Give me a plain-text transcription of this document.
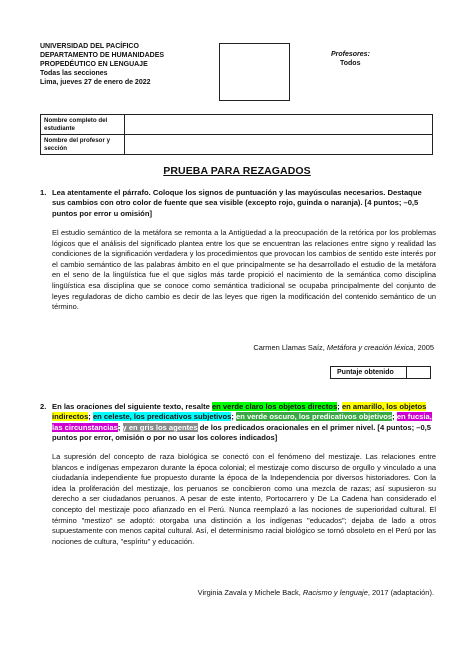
UNIVERSIDAD DEL PACÍFICO
DEPARTAMENTO DE HUMANIDADES
PROPEDÉUTICO EN LENGUAJE
Todas las secciones
Lima, jueves 27 de enero de 2022
Profesores:
Todos
Nombre completo del estudiante	
Nombre del profesor y sección	
PRUEBA PARA REZAGADOS
1. Lea atentamente el párrafo. Coloque los signos de puntuación y las mayúsculas necesarios. Destaque sus cambios con otro color de fuente que sea visible (excepto rojo, guinda o naranja). [4 puntos; –0,5 puntos por error u omisión]
El estudio semántico de la metáfora se remonta a la Antigüedad a la preocupación de la retórica por los problemas lógicos que el análisis del significado plantea entre los que se encuentran las relaciones entre signo y realidad las condiciones de la significación verdadera y los procedimientos que provocan los cambios de sentido este interés por el cambio semántico de las palabras ámbito en el que principalmente se ha desarrollado el estudio de la metáfora en el seno de la lingüística fue el que siglos más tarde propició el nacimiento de la semántica como disciplina lingüística esa disciplina que se conoce como semántica tradicional se ocupaba principalmente del conjunto de leyes reguladoras de dicho cambio es decir de las leyes que rigen la modificación del contenido semántico de un término.
Carmen Llamas Saíz, Metáfora y creación léxica, 2005
Puntaje obtenido
2. En las oraciones del siguiente texto, resalte en verde claro los objetos directos; en amarillo, los objetos indirectos; en celeste, los predicativos subjetivos; en verde oscuro, los predicativos objetivos; en fucsia, las circunstancias; y en gris los agentes de los predicados oracionales en el primer nivel. [4 puntos; –0,5 puntos por error, omisión o por no usar los colores indicados]
La supresión del concepto de raza biológica se conectó con el fenómeno del mestizaje. Las relaciones entre blancos e indígenas empezaron durante la época colonial; el mestizaje como discurso de orgullo y vinculado a una ciudadanía independiente fue propuesto durante la época de la Independencia por diversos historiadores. Con la idea la proliferación del mestizaje, los peruanos se concibieron como una mezcla de razas; así supusieron su derecho a ser ciudadanos peruanos. A pesar de este intento, Portocarrero y De La Cadena han considerado el concepto del mestizaje poco afianzado en el Perú. Nunca reemplazó a las nociones de superioridad cultural. El término "mestizo" se adoptó: otorgaba una distinción a los indígenas "educados"; dejaba de lado a otros supuestamente con menos capital cultural. Así, el determinismo racial biológico se tornó obsoleto en el Perú por las nociones de cultura, "espíritu" y educación.
Virginia Zavala y Michele Back, Racismo y lenguaje, 2017 (adaptación).
